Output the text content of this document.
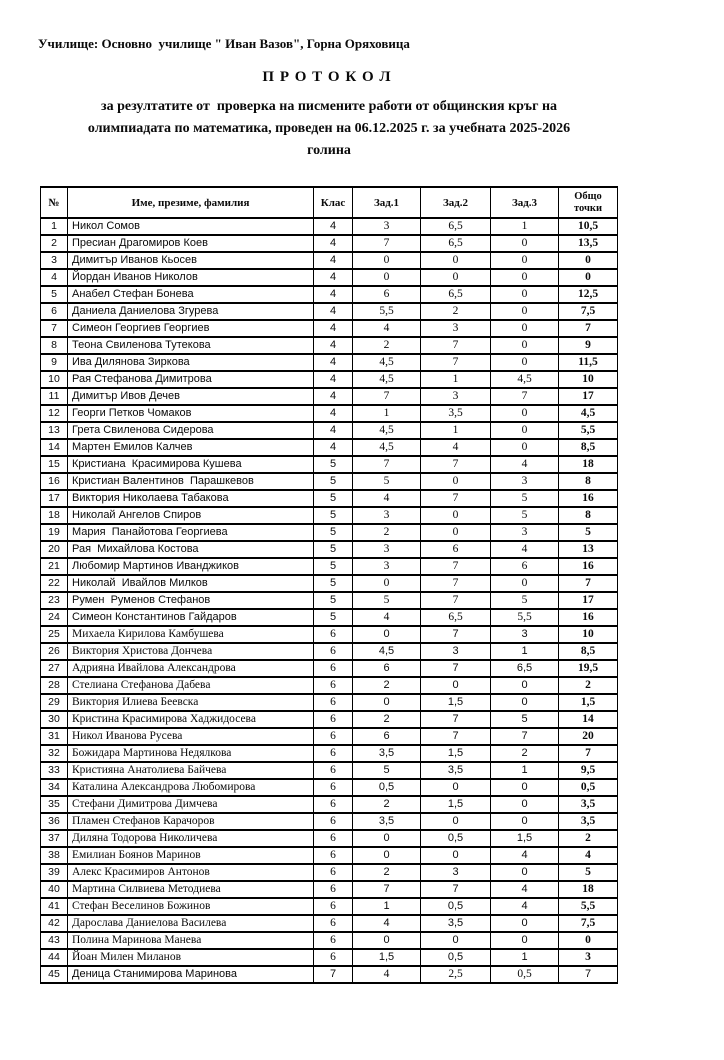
Училище: Основно  училище " Иван Вазов", Горна Оряховица
П Р О Т О К О Л
за резултатите от  проверка на писмените работи от общинския кръг на
олимпиадата по математика, проведен на 06.12.2025 г. за учебната 2025-2026
голина
№	Име, презиме, фамилия	Клас	Зад.1	Зад.2	Зад.3	Общо
точки

1	Никол Сомов	4	3	6,5	1	10,5
2	Пресиан Драгомиров Коев	4	7	6,5	0	13,5
3	Димитър Иванов Кьосев	4	0	0	0	0
4	Йордан Иванов Николов	4	0	0	0	0
5	Анабел Стефан Бонева	4	6	6,5	0	12,5
6	Даниела Даниелова Згурева	4	5,5	2	0	7,5
7	Симеон Георгиев Георгиев	4	4	3	0	7
8	Теона Свиленова Тутекова	4	2	7	0	9
9	Ива Дилянова Зиркова	4	4,5	7	0	11,5
10	Рая Стефанова Димитрова	4	4,5	1	4,5	10
11	Димитър Ивов Дечев	4	7	3	7	17
12	Георги Петков Чомаков	4	1	3,5	0	4,5
13	Грета Свиленова Сидерова	4	4,5	1	0	5,5
14	Мартен Емилов Калчев	4	4,5	4	0	8,5
15	Кристиана  Красимирова Кушева	5	7	7	4	18
16	Кристиан Валентинов  Парашкевов	5	5	0	3	8
17	Виктория Николаева Табакова	5	4	7	5	16
18	Николай Ангелов Спиров	5	3	0	5	8
19	Мария  Панайотова Георгиева	5	2	0	3	5
20	Рая  Михайлова Костова	5	3	6	4	13
21	Любомир Мартинов Иванджиков	5	3	7	6	16
22	Николай  Ивайлов Милков	5	0	7	0	7
23	Румен  Руменов Стефанов	5	5	7	5	17
24	Симеон Константинов Гайдаров	5	4	6,5	5,5	16
25	Михаела Кирилова Камбушева	6	0	7	3	10
26	Виктория Христова Дончева	6	4,5	3	1	8,5
27	Адрияна Ивайлова Александрова	6	6	7	6,5	19,5
28	Стелиана Стефанова Дабева	6	2	0	0	2
29	Виктория Илиева Беевска	6	0	1,5	0	1,5
30	Кристина Красимирова Хаджидосева	6	2	7	5	14
31	Никол Иванова Русева	6	6	7	7	20
32	Божидара Мартинова Недялкова	6	3,5	1,5	2	7
33	Кристияна Анатолиева Байчева	6	5	3,5	1	9,5
34	Каталина Александрова Любомирова	6	0,5	0	0	0,5
35	Стефани Димитрова Димчева	6	2	1,5	0	3,5
36	Пламен Стефанов Карачоров	6	3,5	0	0	3,5
37	Диляна Тодорова Николичева	6	0	0,5	1,5	2
38	Емилиан Боянов Маринов	6	0	0	4	4
39	Алекс Красимиров Антонов	6	2	3	0	5
40	Мартина Силвиева Методиева	6	7	7	4	18
41	Стефан Веселинов Божинов	6	1	0,5	4	5,5
42	Дарослава Даниелова Василева	6	4	3,5	0	7,5
43	Полина Маринова Манева	6	0	0	0	0
44	Йоан Милен Миланов	6	1,5	0,5	1	3
45	Деница Станимирова Маринова	7	4	2,5	0,5	7
